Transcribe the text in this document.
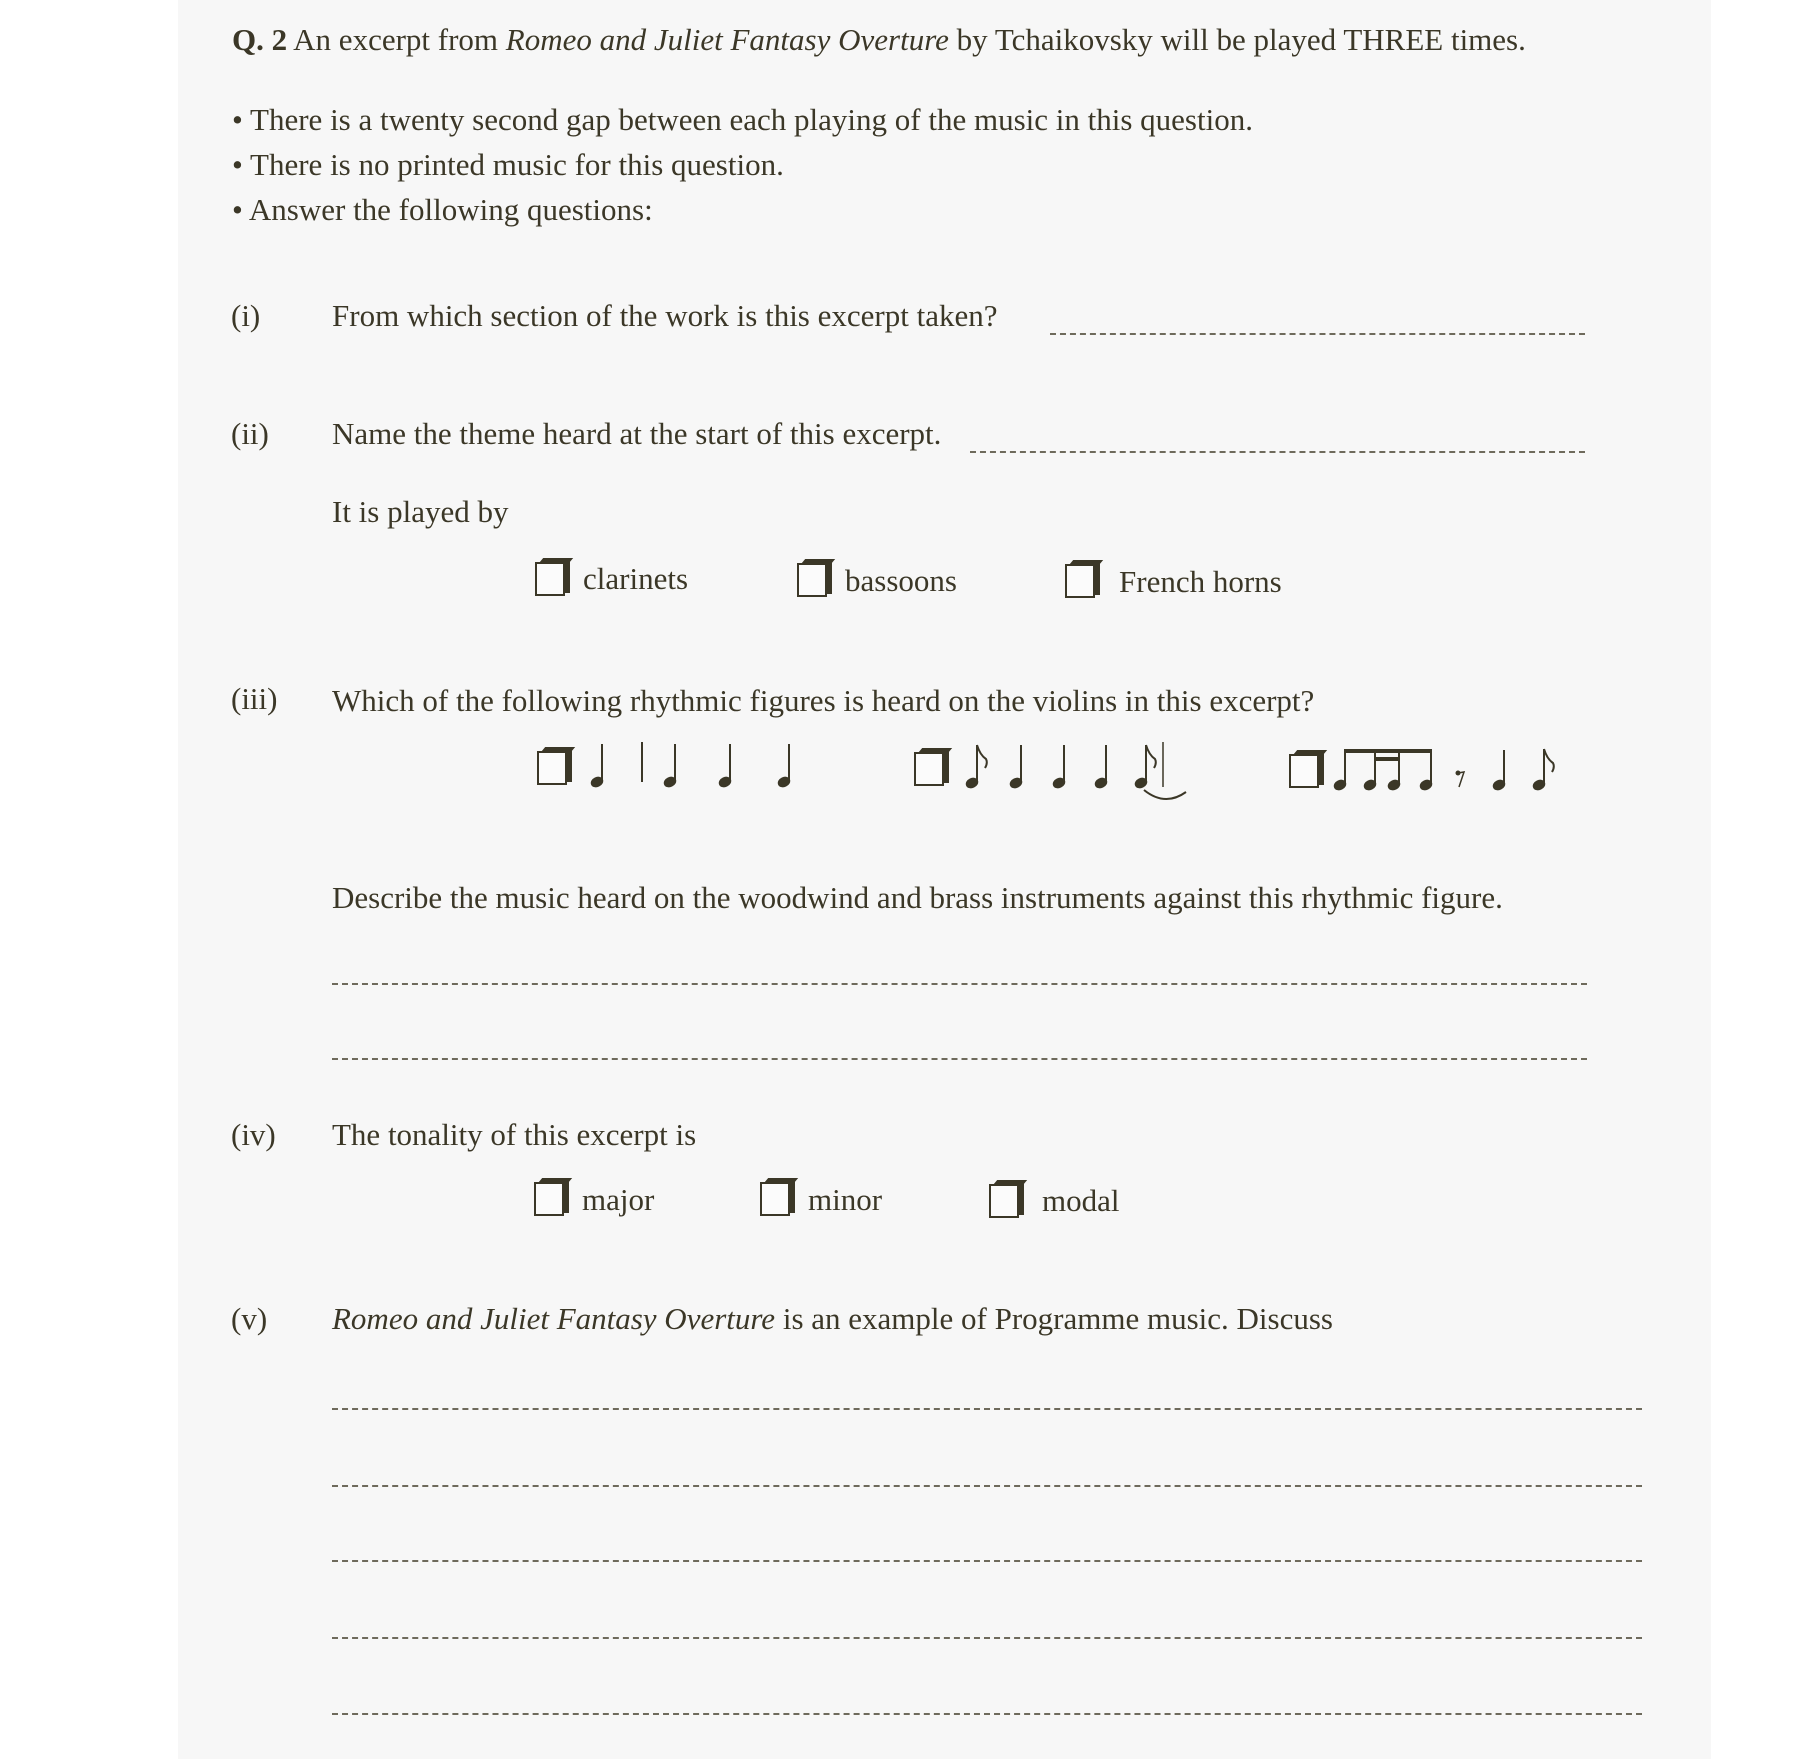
Q. 2 An excerpt from Romeo and Juliet Fantasy Overture by Tchaikovsky will be played THREE times.
• There is a twenty second gap between each playing of the music in this question.
• There is no printed music for this question.
• Answer the following questions:
(i) From which section of the work is this excerpt taken?
(ii) Name the theme heard at the start of this excerpt.
It is played by
clarinets	bassoons	French horns
(iii) Which of the following rhythmic figures is heard on the violins in this excerpt?
Describe the music heard on the woodwind and brass instruments against this rhythmic figure.
(iv) The tonality of this excerpt is
major	minor	modal
(v) Romeo and Juliet Fantasy Overture is an example of Programme music. Discuss
